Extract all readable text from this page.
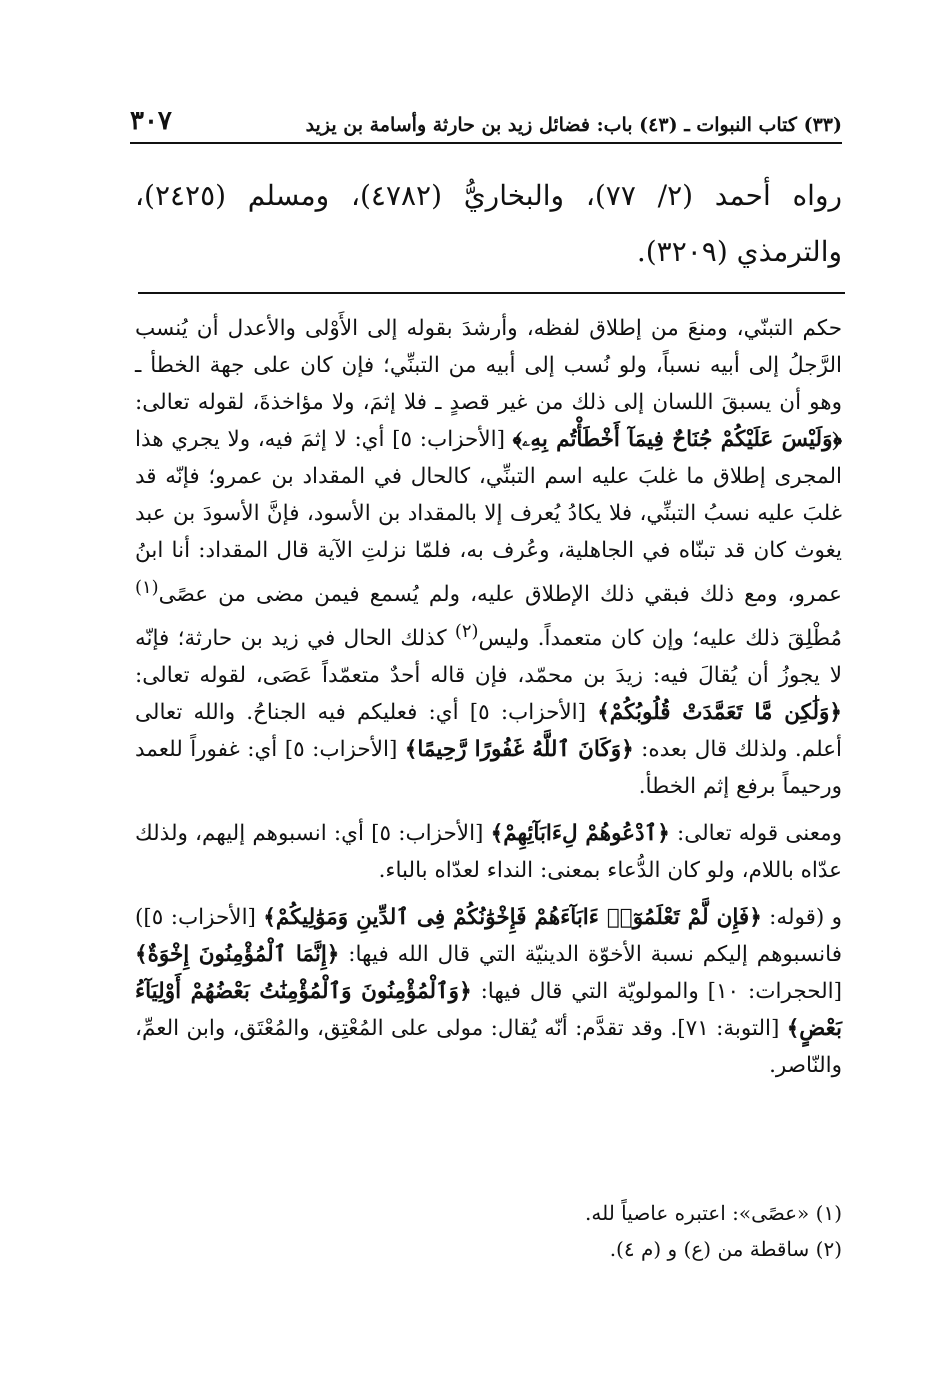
(٣٣) كتاب النبوات ـ (٤٣) باب: فضائل زيد بن حارثة وأسامة بن يزيد
٣٠٧
رواه أحمد (٢/ ٧٧)، والبخاريُّ (٤٧٨٢)، ومسلم (٢٤٢٥)، والترمذي (٣٢٠٩).

حكم التبنّي، ومنعَ من إطلاق لفظه، وأرشدَ بقوله إلى الأَوْلى والأعدل أن يُنسب الرَّجلُ إلى أبيه نسباً، ولو نُسب إلى أبيه من التبنِّي؛ فإن كان على جهة الخطأ ـ وهو أن يسبقَ اللسان إلى ذلك من غير قصدٍ ـ فلا إثمَ، ولا مؤاخذةَ، لقوله تعالى: ﴿وَلَيْسَ عَلَيْكُمْ جُنَاحٌ فِيمَآ أَخْطَأْتُم بِهِۦ﴾ [الأحزاب: ٥] أي: لا إثمَ فيه، ولا يجري هذا المجرى إطلاق ما غلبَ عليه اسم التبنِّي، كالحال في المقداد بن عمرو؛ فإنّه قد غلبَ عليه نسبُ التبنِّي، فلا يكادُ يُعرف إلا بالمقداد بن الأسود، فإنَّ الأسودَ بن عبد يغوث كان قد تبنّاه في الجاهلية، وعُرف به، فلمّا نزلتِ الآية قال المقداد: أنا ابنُ عمرو، ومع ذلك فبقي ذلك الإطلاق عليه، ولم يُسمع فيمن مضى من عصًى$^{(١)}$ مُطْلِقَ ذلك عليه؛ وإن كان متعمداً. وليس$^{(٢)}$ كذلك الحال في زيد بن حارثة؛ فإنّه لا يجوزُ أن يُقالَ فيه: زيدَ بن محمّد، فإن قاله أحدٌ متعمّداً عَصَى، لقوله تعالى: ﴿وَلَٰكِن مَّا تَعَمَّدَتْ قُلُوبُكُمْ﴾ [الأحزاب: ٥] أي: فعليكم فيه الجناحُ. والله تعالى أعلم. ولذلك قال بعده: ﴿وَكَانَ ٱللَّهُ غَفُورًا رَّحِيمًا﴾ [الأحزاب: ٥] أي: غفوراً للعمد ورحيماً برفع إثم الخطأ.

ومعنى قوله تعالى: ﴿ٱدْعُوهُمْ لِءَابَآئِهِمْ﴾ [الأحزاب: ٥] أي: انسبوهم إليهم، ولذلك عدّاه باللام، ولو كان الدُّعاء بمعنى: النداء لعدّاه بالباء.

و (قوله: ﴿فَإِن لَّمْ تَعْلَمُوٓا۟ ءَابَآءَهُمْ فَإِخْوَٰنُكُمْ فِى ٱلدِّينِ وَمَوَٰلِيكُمْ﴾ [الأحزاب: ٥]) فانسبوهم إليكم نسبة الأخوّة الدينيّة التي قال الله فيها: ﴿إِنَّمَا ٱلْمُؤْمِنُونَ إِخْوَةٌ﴾ [الحجرات: ١٠] والمولويّة التي قال فيها: ﴿وَٱلْمُؤْمِنُونَ وَٱلْمُؤْمِنَٰتُ بَعْضُهُمْ أَوْلِيَآءُ بَعْضٍ﴾ [التوبة: ٧١]. وقد تقدَّم: أنّه يُقال: مولى على المُعْتِق، والمُعْتَق، وابن العمِّ، والنّاصر.

(١) «عصًى»: اعتبره عاصياً لله.
(٢) ساقطة من (ع) و (م ٤).
